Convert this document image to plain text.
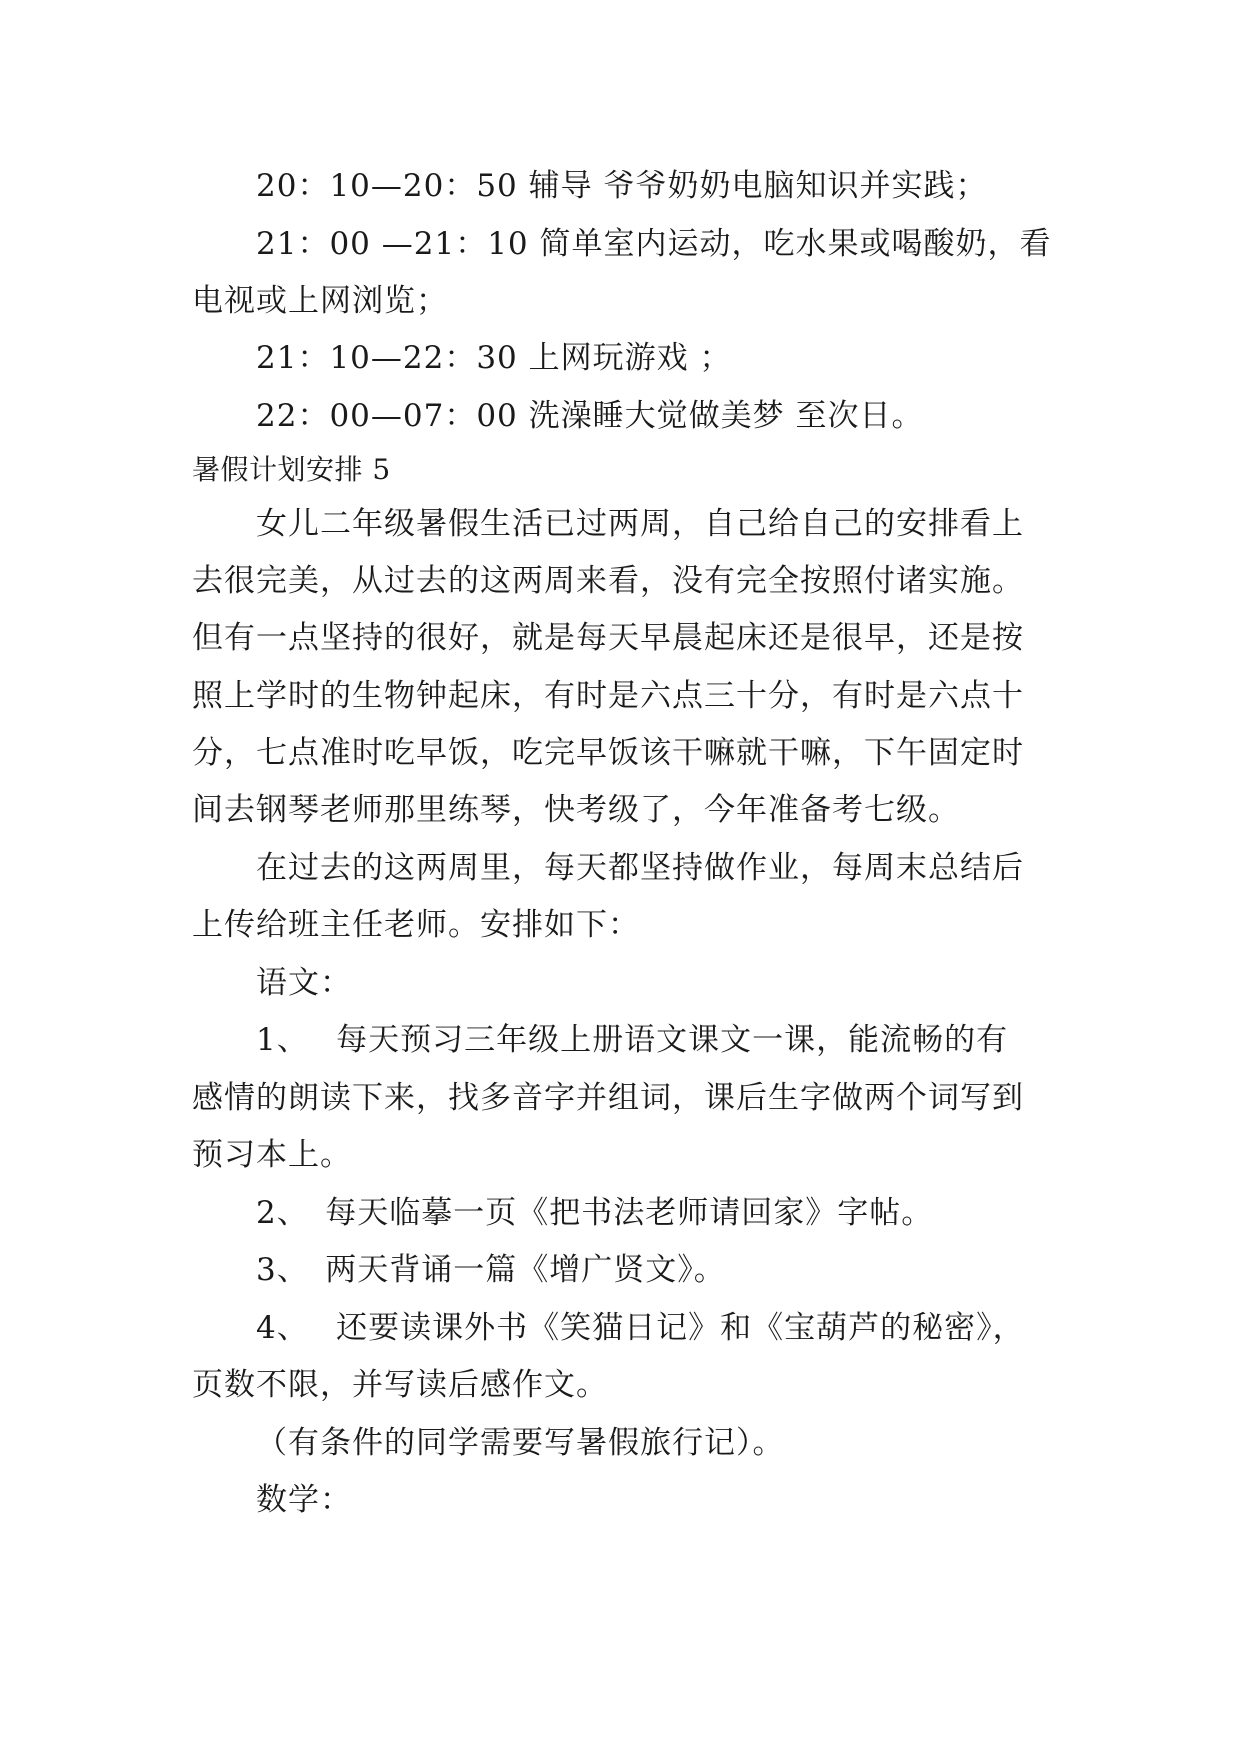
20：10—20：50 辅导 爷爷奶奶电脑知识并实践；
21：00 —21：10 简单室内运动，吃水果或喝酸奶，看
电视或上网浏览；
21：10—22：30 上网玩游戏 ；
22：00—07：00 洗澡睡大觉做美梦 至次日。
暑假计划安排 5
女儿二年级暑假生活已过两周，自己给自己的安排看上
去很完美，从过去的这两周来看，没有完全按照付诸实施。
但有一点坚持的很好，就是每天早晨起床还是很早，还是按
照上学时的生物钟起床，有时是六点三十分，有时是六点十
分，七点准时吃早饭，吃完早饭该干嘛就干嘛，下午固定时
间去钢琴老师那里练琴，快考级了，今年准备考七级。
在过去的这两周里，每天都坚持做作业，每周末总结后
上传给班主任老师。安排如下：
语文：
1、　 每天预习三年级上册语文课文一课，能流畅的有
感情的朗读下来，找多音字并组词，课后生字做两个词写到
预习本上。
2、　每天临摹一页《把书法老师请回家》字帖。
3、　两天背诵一篇《增广贤文》。
4、　 还要读课外书《笑猫日记》和《宝葫芦的秘密》，
页数不限，并写读后感作文。
（有条件的同学需要写暑假旅行记）。
数学：
